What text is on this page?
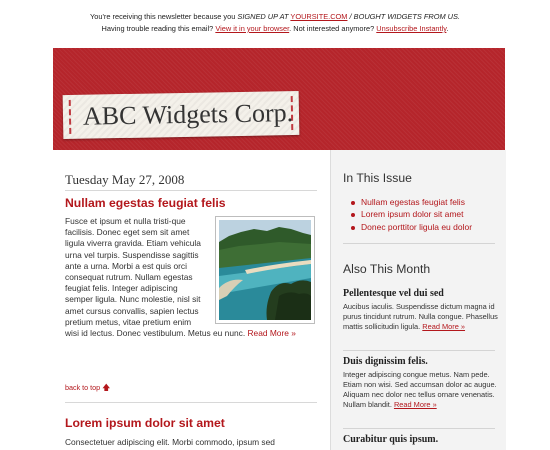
You're receiving this newsletter because you SIGNED UP AT YOURSITE.COM / BOUGHT WIDGETS FROM US.
Having trouble reading this email? View it in your browser. Not interested anymore? Unsubscribe Instantly.
ABC Widgets Corp.
Tuesday May 27, 2008
Nullam egestas feugiat felis
Fusce et ipsum et nulla tristi-que facilisis. Donec eget sem sit amet ligula viverra gravida. Etiam vehicula urna vel turpis. Suspendisse sagittis ante a urna. Morbi a est quis orci consequat rutrum. Nullam egestas feugiat felis. Integer adipiscing semper ligula. Nunc molestie, nisl sit amet cursus convallis, sapien lectus pretium metus, vitae pretium enim wisi id lectus. Donec vestibulum. Metus eu nunc. Read More »
back to top 🡅
Lorem ipsum dolor sit amet
Consectetuer adipiscing elit. Morbi commodo, ipsum sed
In This Issue
Nullam egestas feugiat felis
Lorem ipsum dolor sit amet
Donec porttitor ligula eu dolor
Also This Month
Pellentesque vel dui sed
Aucibus iaculis. Suspendisse dictum magna id purus tincidunt rutrum. Nulla congue. Phasellus mattis sollicitudin ligula. Read More »
Duis dignissim felis.
Integer adipiscing congue metus. Nam pede. Etiam non wisi. Sed accumsan dolor ac augue. Aliquam nec dolor nec tellus ornare venenatis. Nullam blandit. Read More »
Curabitur quis ipsum.
